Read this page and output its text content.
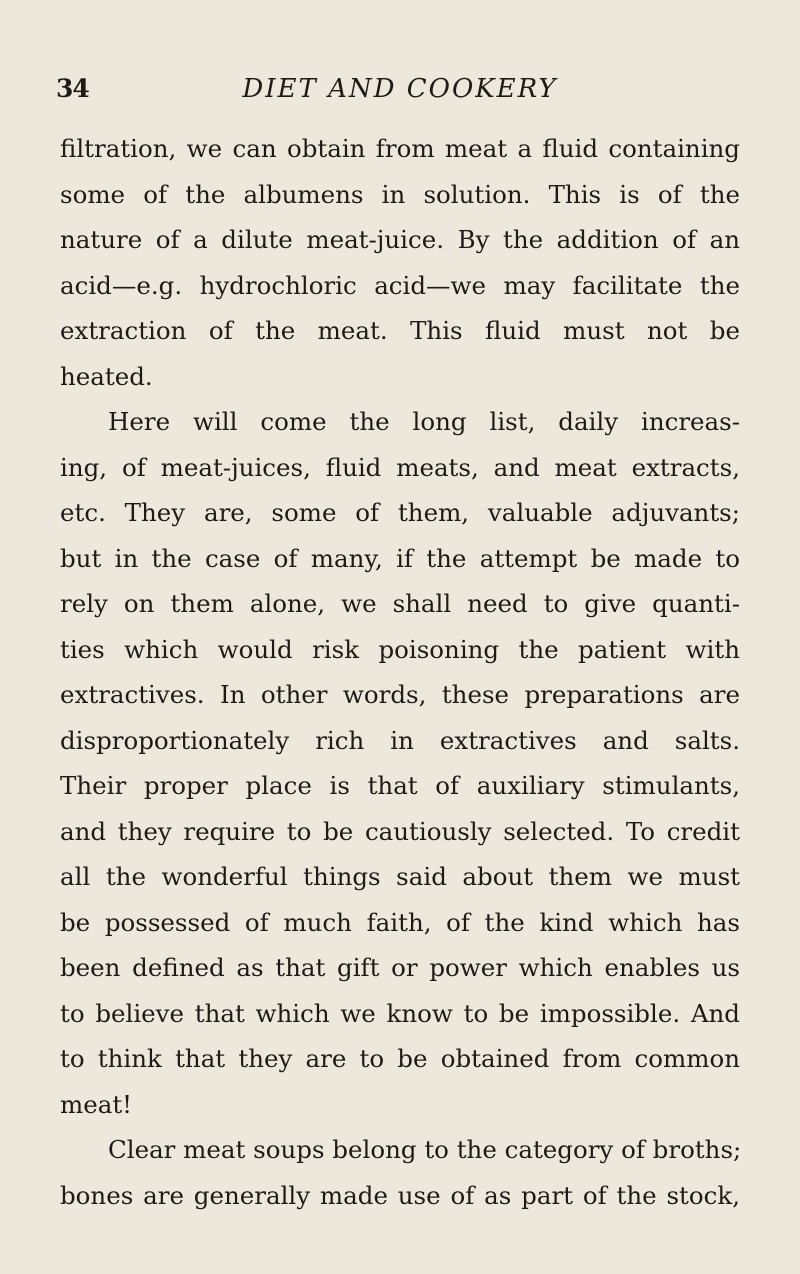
34	DIET AND COOKERY
filtration, we can obtain from meat a fluid containing
some of the albumens in solution. This is of the
nature of a dilute meat-juice. By the addition of an
acid—e.g. hydrochloric acid—we may facilitate the
extraction of the meat. This fluid must not be
heated.
Here will come the long list, daily increas-
ing, of meat-juices, fluid meats, and meat extracts,
etc. They are, some of them, valuable adjuvants;
but in the case of many, if the attempt be made to
rely on them alone, we shall need to give quanti-
ties which would risk poisoning the patient with
extractives. In other words, these preparations are
disproportionately rich in extractives and salts.
Their proper place is that of auxiliary stimulants,
and they require to be cautiously selected. To credit
all the wonderful things said about them we must
be possessed of much faith, of the kind which has
been defined as that gift or power which enables us
to believe that which we know to be impossible. And
to think that they are to be obtained from common
meat!
Clear meat soups belong to the category of broths;
bones are generally made use of as part of the stock,
